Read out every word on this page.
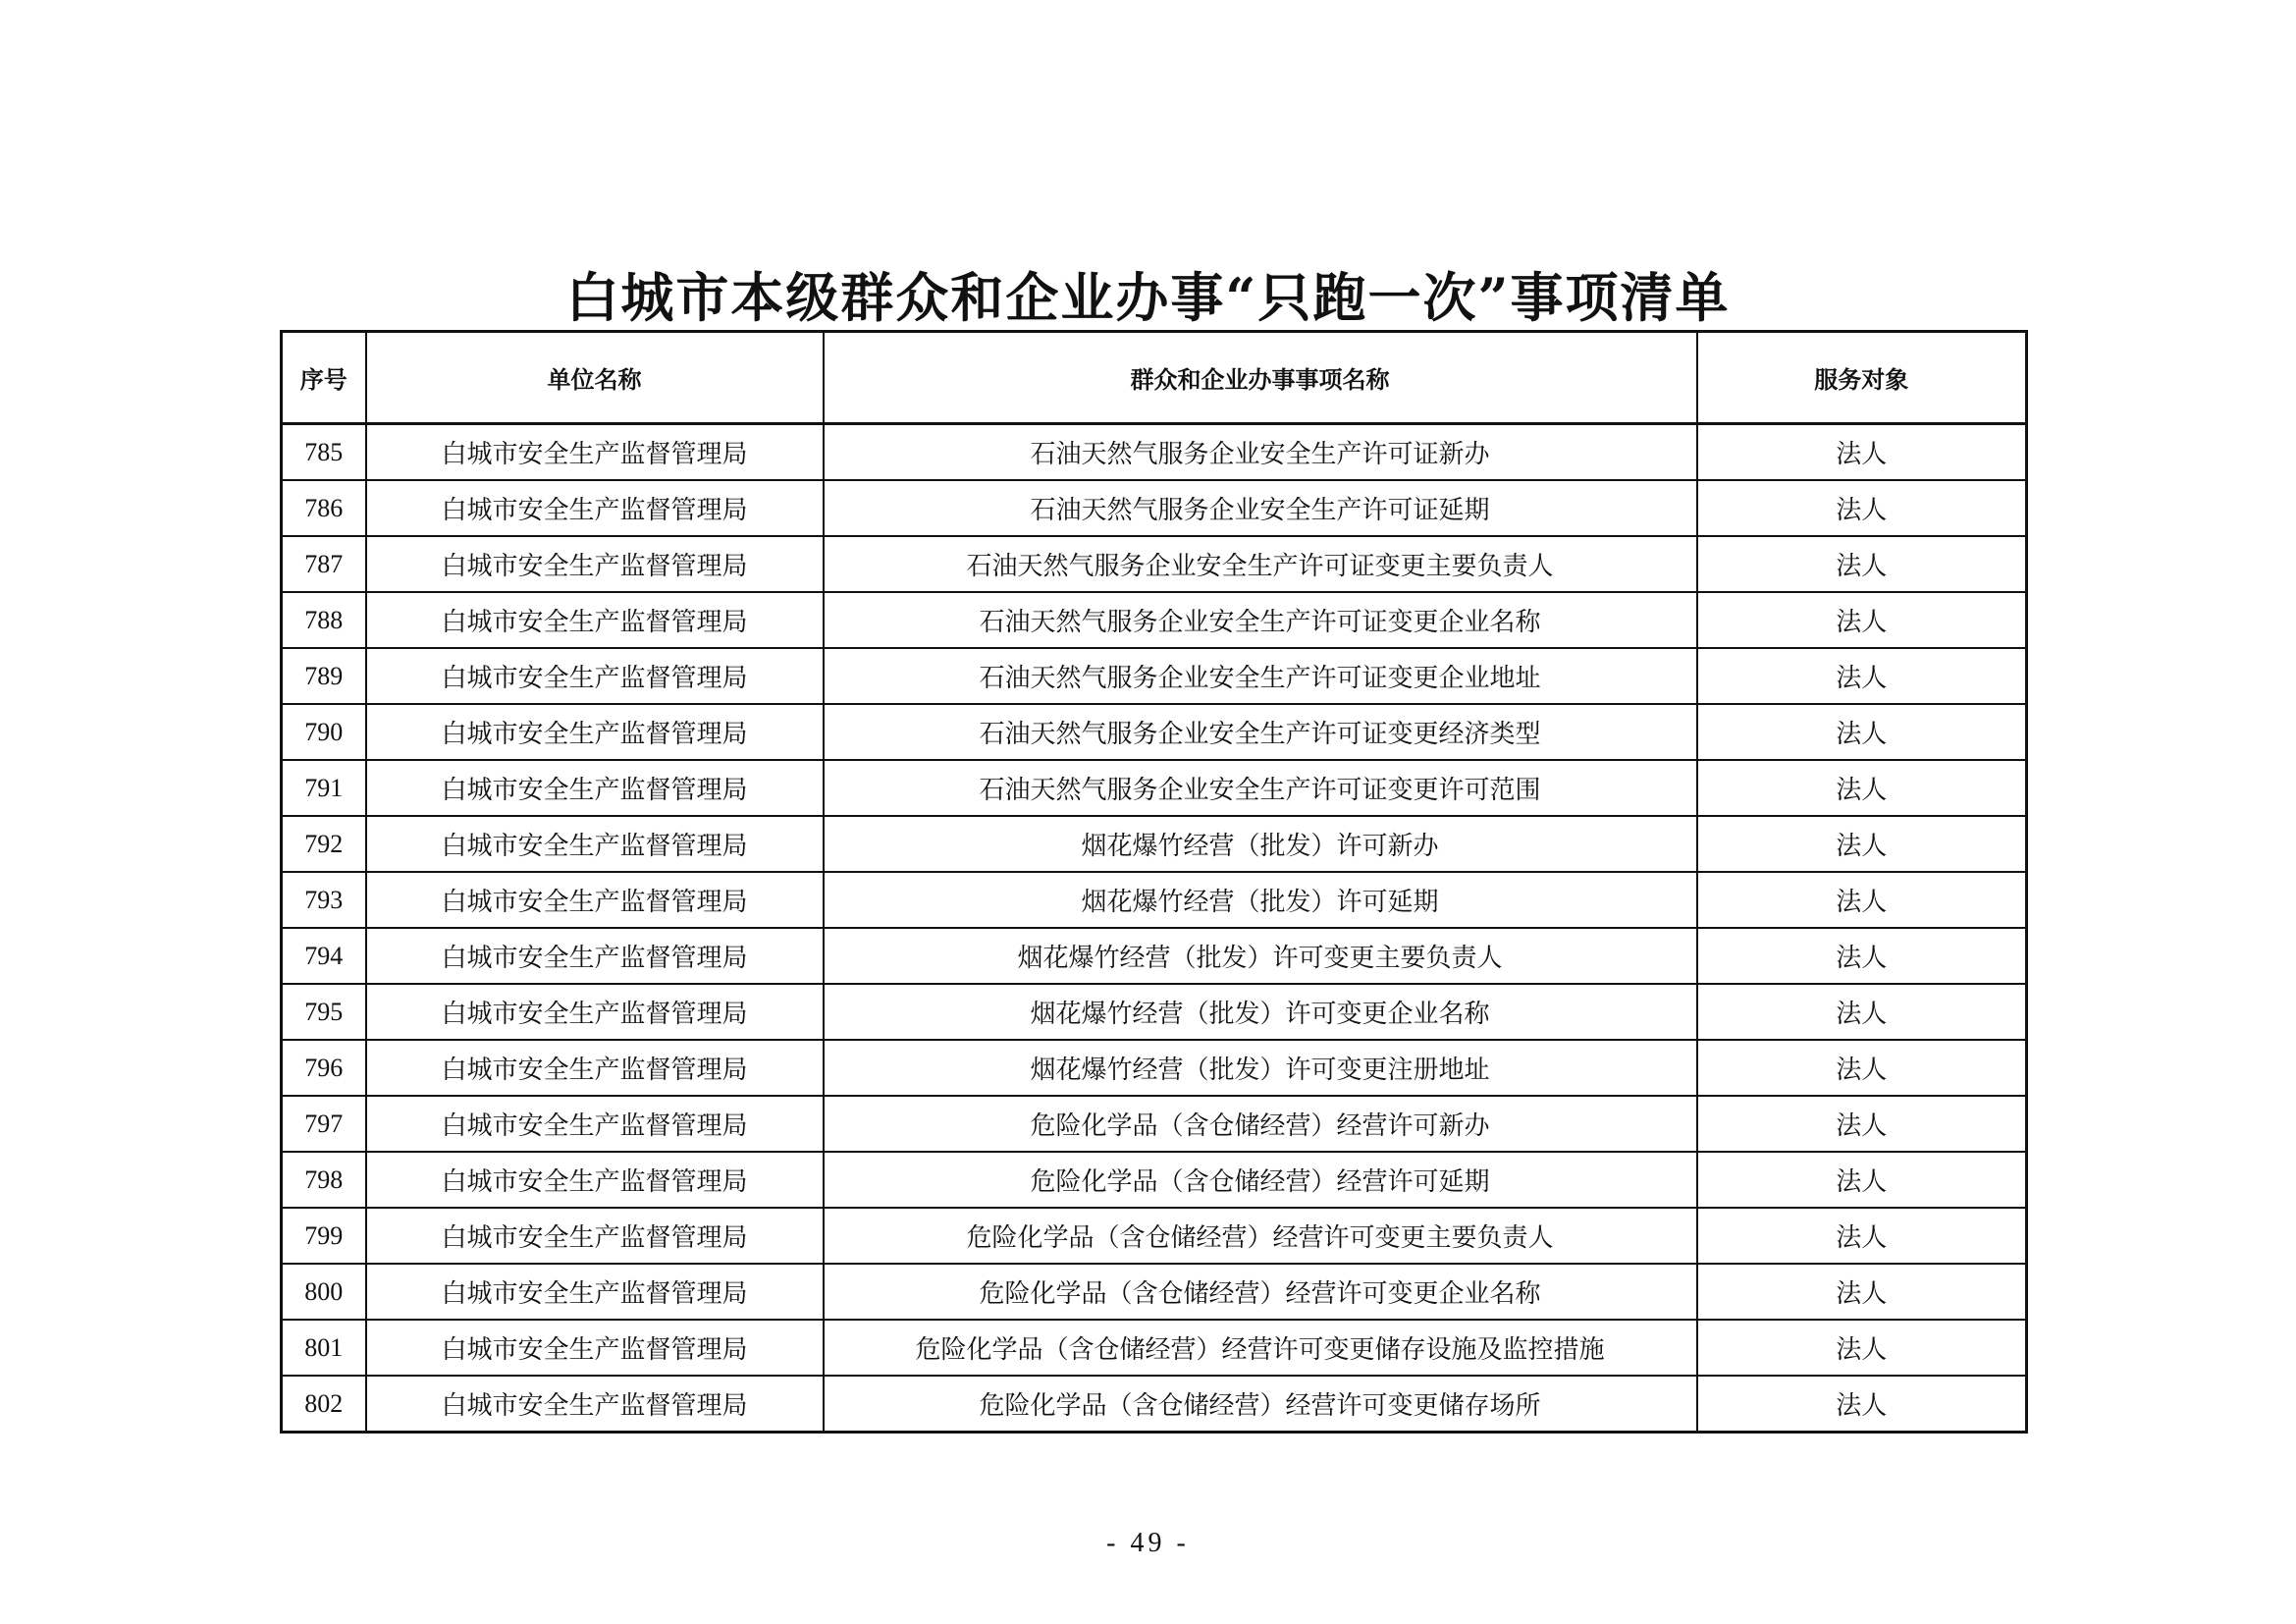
白城市本级群众和企业办事“只跑一次”事项清单
序号	单位名称	群众和企业办事事项名称	服务对象
785	白城市安全生产监督管理局	石油天然气服务企业安全生产许可证新办	法人
786	白城市安全生产监督管理局	石油天然气服务企业安全生产许可证延期	法人
787	白城市安全生产监督管理局	石油天然气服务企业安全生产许可证变更主要负责人	法人
788	白城市安全生产监督管理局	石油天然气服务企业安全生产许可证变更企业名称	法人
789	白城市安全生产监督管理局	石油天然气服务企业安全生产许可证变更企业地址	法人
790	白城市安全生产监督管理局	石油天然气服务企业安全生产许可证变更经济类型	法人
791	白城市安全生产监督管理局	石油天然气服务企业安全生产许可证变更许可范围	法人
792	白城市安全生产监督管理局	烟花爆竹经营（批发）许可新办	法人
793	白城市安全生产监督管理局	烟花爆竹经营（批发）许可延期	法人
794	白城市安全生产监督管理局	烟花爆竹经营（批发）许可变更主要负责人	法人
795	白城市安全生产监督管理局	烟花爆竹经营（批发）许可变更企业名称	法人
796	白城市安全生产监督管理局	烟花爆竹经营（批发）许可变更注册地址	法人
797	白城市安全生产监督管理局	危险化学品（含仓储经营）经营许可新办	法人
798	白城市安全生产监督管理局	危险化学品（含仓储经营）经营许可延期	法人
799	白城市安全生产监督管理局	危险化学品（含仓储经营）经营许可变更主要负责人	法人
800	白城市安全生产监督管理局	危险化学品（含仓储经营）经营许可变更企业名称	法人
801	白城市安全生产监督管理局	危险化学品（含仓储经营）经营许可变更储存设施及监控措施	法人
802	白城市安全生产监督管理局	危险化学品（含仓储经营）经营许可变更储存场所	法人
- 49 -
